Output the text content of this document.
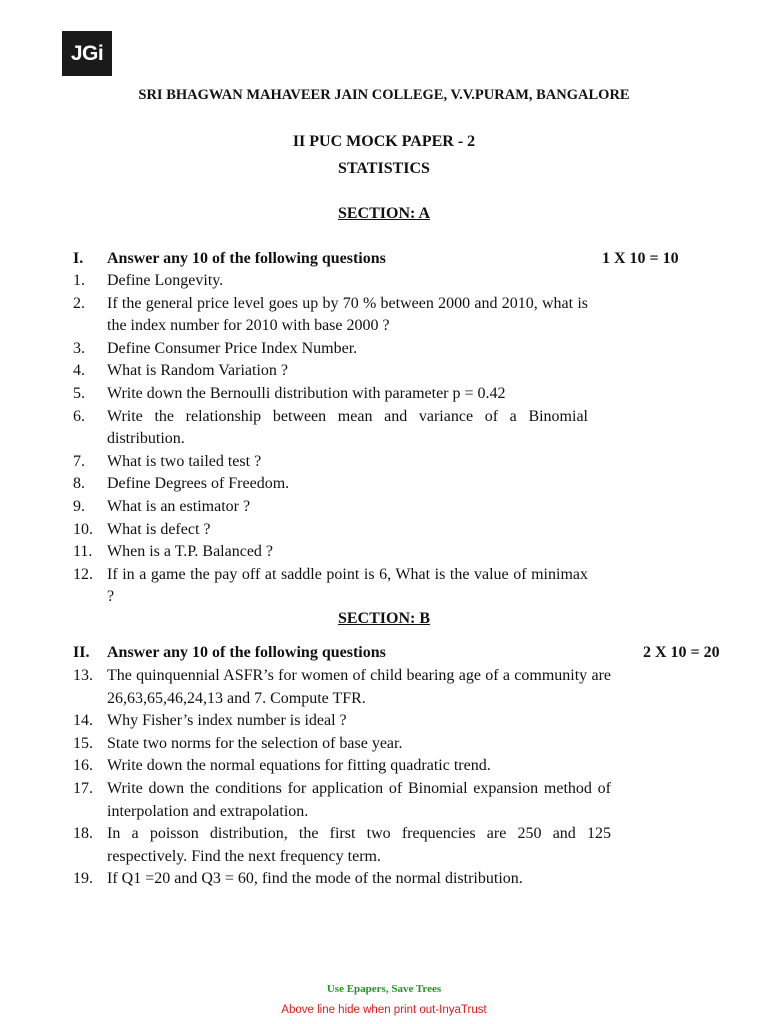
JGi
SRI BHAGWAN MAHAVEER JAIN COLLEGE, V.V.PURAM, BANGALORE
II PUC MOCK PAPER - 2
STATISTICS
SECTION: A
I. Answer any 10 of the following questions	1 X 10 = 10
1.	Define Longevity.
2.	If the general price level goes up by 70 % between 2000 and 2010, what is the index number for 2010 with base 2000 ?
3.	Define Consumer Price Index Number.
4.	What is Random Variation ?
5.	Write down the Bernoulli distribution with parameter p = 0.42
6.	Write the relationship between mean and variance of a Binomial distribution.
7.	What is two tailed test ?
8.	Define Degrees of Freedom.
9.	What is an estimator ?
10. What is defect ?
11. When is a T.P. Balanced ?
12. If in a game the pay off at saddle point is 6, What is the value of minimax ?
SECTION: B
II. Answer any 10 of the following questions	2 X 10 = 20
13. The quinquennial ASFR’s for women of child bearing age of a community are 26,63,65,46,24,13 and 7. Compute TFR.
14. Why Fisher’s index number is ideal ?
15. State two norms for the selection of base year.
16. Write down the normal equations for fitting quadratic trend.
17. Write down the conditions for application of Binomial expansion method of interpolation and extrapolation.
18. In a poisson distribution, the first two frequencies are 250 and 125 respectively. Find the next frequency term.
19. If Q1 =20 and Q3 = 60, find the mode of the normal distribution.
Use Epapers, Save Trees
Above line hide when print out-InyaTrust
